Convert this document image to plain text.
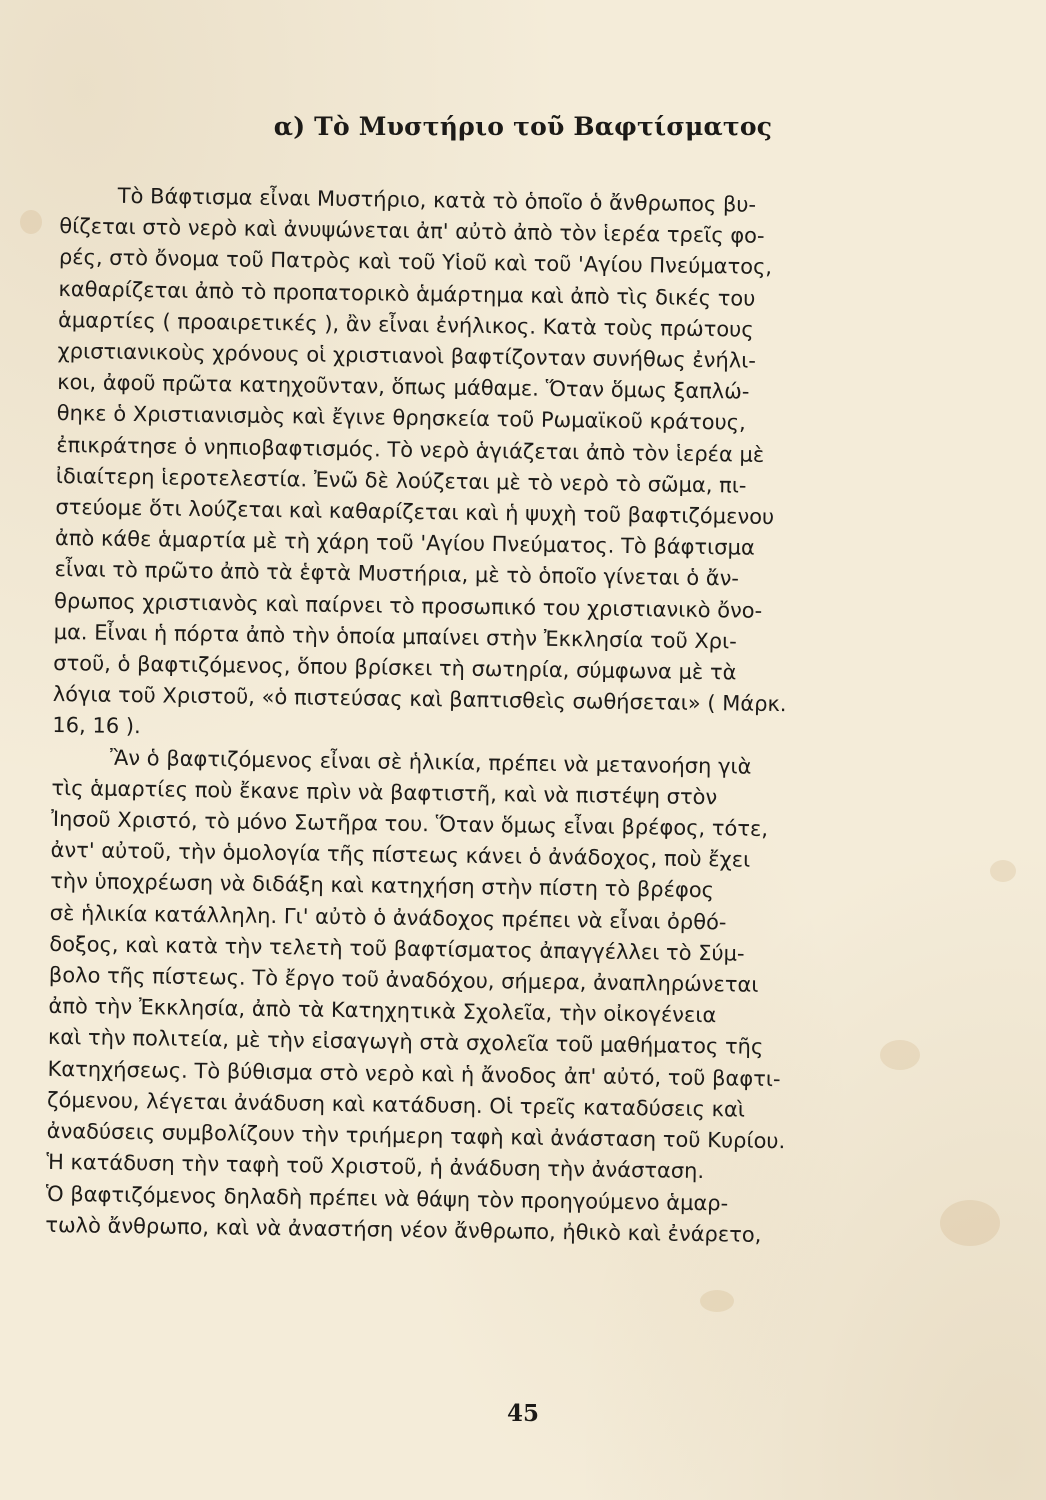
α) Τὸ Μυστήριο τοῦ Βαφτίσματος
Τὸ Βάφτισμα εἶναι Μυστήριο, κατὰ τὸ ὁποῖο ὁ ἄνθρωπος βυ-
θίζεται στὸ νερὸ καὶ ἀνυψώνεται ἀπ' αὐτὸ ἀπὸ τὸν ἱερέα τρεῖς φο-
ρές, στὸ ὄνομα τοῦ Πατρὸς καὶ τοῦ Υἱοῦ καὶ τοῦ 'Αγίου Πνεύματος,
καθαρίζεται ἀπὸ τὸ προπατορικὸ ἁμάρτημα καὶ ἀπὸ τὶς δικές του
ἁμαρτίες ( προαιρετικές ), ἂν εἶναι ἐνήλικος. Κατὰ τοὺς πρώτους
χριστιανικοὺς χρόνους οἱ χριστιανοὶ βαφτίζονταν συνήθως ἐνήλι-
κοι, ἀφοῦ πρῶτα κατηχοῦνταν, ὅπως μάθαμε. Ὅταν ὅμως ξαπλώ-
θηκε ὁ Χριστιανισμὸς καὶ ἔγινε θρησκεία τοῦ Ρωμαϊκοῦ κράτους,
ἐπικράτησε ὁ νηπιοβαφτισμός. Τὸ νερὸ ἁγιάζεται ἀπὸ τὸν ἱερέα μὲ
ἰδιαίτερη ἱεροτελεστία. Ἐνῶ δὲ λούζεται μὲ τὸ νερὸ τὸ σῶμα, πι-
στεύομε ὅτι λούζεται καὶ καθαρίζεται καὶ ἡ ψυχὴ τοῦ βαφτιζόμενου
ἀπὸ κάθε ἁμαρτία μὲ τὴ χάρη τοῦ 'Αγίου Πνεύματος. Τὸ βάφτισμα
εἶναι τὸ πρῶτο ἀπὸ τὰ ἑφτὰ Μυστήρια, μὲ τὸ ὁποῖο γίνεται ὁ ἄν-
θρωπος χριστιανὸς καὶ παίρνει τὸ προσωπικό του χριστιανικὸ ὄνο-
μα. Εἶναι ἡ πόρτα ἀπὸ τὴν ὁποία μπαίνει στὴν Ἐκκλησία τοῦ Χρι-
στοῦ, ὁ βαφτιζόμενος, ὅπου βρίσκει τὴ σωτηρία, σύμφωνα μὲ τὰ
λόγια τοῦ Χριστοῦ, «ὁ πιστεύσας καὶ βαπτισθεὶς σωθήσεται» ( Μάρκ.
16, 16 ).
Ἂν ὁ βαφτιζόμενος εἶναι σὲ ἡλικία, πρέπει νὰ μετανοήση γιὰ
τὶς ἁμαρτίες ποὺ ἔκανε πρὶν νὰ βαφτιστῆ, καὶ νὰ πιστέψη στὸν
Ἰησοῦ Χριστό, τὸ μόνο Σωτῆρα του. Ὅταν ὅμως εἶναι βρέφος, τότε,
ἀντ' αὐτοῦ, τὴν ὁμολογία τῆς πίστεως κάνει ὁ ἀνάδοχος, ποὺ ἔχει
τὴν ὑποχρέωση νὰ διδάξη καὶ κατηχήση στὴν πίστη τὸ βρέφος
σὲ ἡλικία κατάλληλη. Γι' αὐτὸ ὁ ἀνάδοχος πρέπει νὰ εἶναι ὀρθό-
δοξος, καὶ κατὰ τὴν τελετὴ τοῦ βαφτίσματος ἀπαγγέλλει τὸ Σύμ-
βολο τῆς πίστεως. Τὸ ἔργο τοῦ ἀναδόχου, σήμερα, ἀναπληρώνεται
ἀπὸ τὴν Ἐκκλησία, ἀπὸ τὰ Κατηχητικὰ Σχολεῖα, τὴν οἰκογένεια
καὶ τὴν πολιτεία, μὲ τὴν εἰσαγωγὴ στὰ σχολεῖα τοῦ μαθήματος τῆς
Κατηχήσεως. Τὸ βύθισμα στὸ νερὸ καὶ ἡ ἄνοδος ἀπ' αὐτό, τοῦ βαφτι-
ζόμενου, λέγεται ἀνάδυση καὶ κατάδυση. Οἱ τρεῖς καταδύσεις καὶ
ἀναδύσεις συμβολίζουν τὴν τριήμερη ταφὴ καὶ ἀνάσταση τοῦ Κυρίου.
Ἡ κατάδυση τὴν ταφὴ τοῦ Χριστοῦ, ἡ ἀνάδυση τὴν ἀνάσταση.
Ὁ βαφτιζόμενος δηλαδὴ πρέπει νὰ θάψη τὸν προηγούμενο ἁμαρ-
τωλὸ ἄνθρωπο, καὶ νὰ ἀναστήση νέον ἄνθρωπο, ἠθικὸ καὶ ἐνάρετο,
45
